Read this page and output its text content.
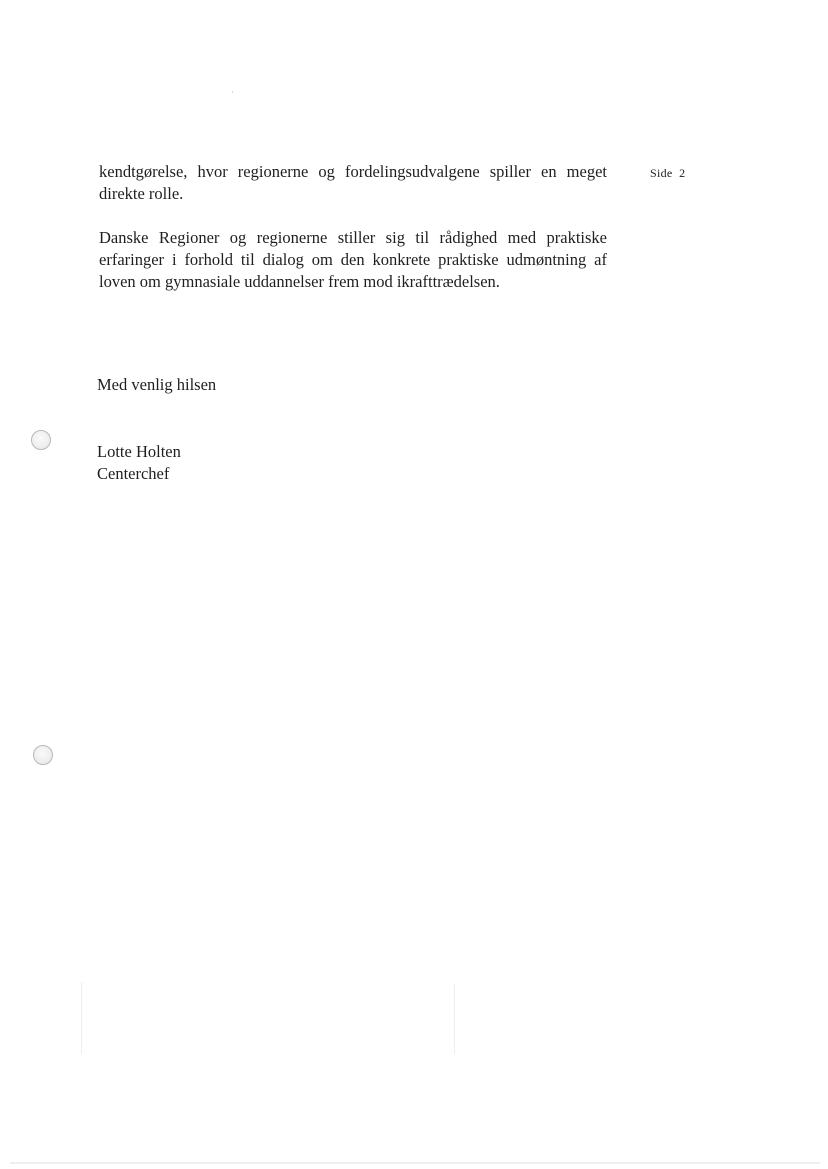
kendtgørelse, hvor regionerne og fordelingsudvalgene spiller en meget direkte rolle.

Side  2

Danske Regioner og regionerne stiller sig til rådighed med praktiske erfaringer i forhold til dialog om den konkrete praktiske udmøntning af loven om gymnasiale uddannelser frem mod ikrafttrædelsen.

Med venlig hilsen
Lotte Holten
Centerchef
